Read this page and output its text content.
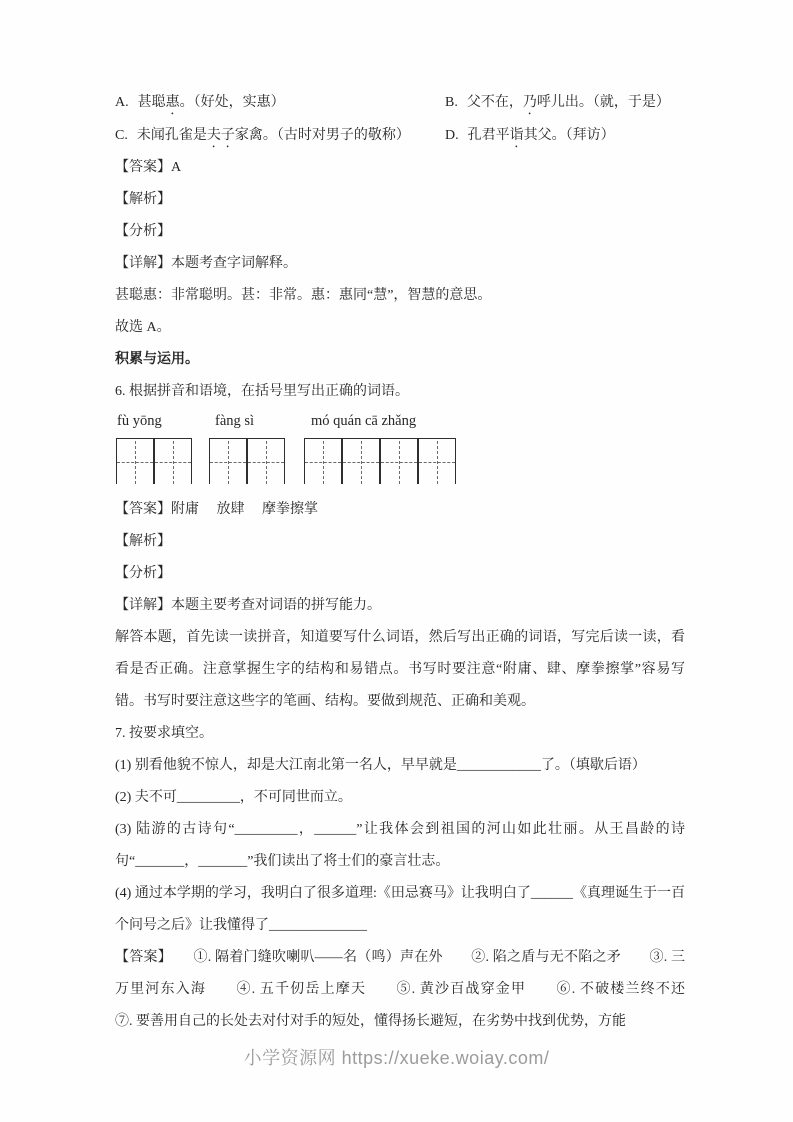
A. 甚聪惠。（好处，实惠）	B. 父不在，乃呼儿出。（就，于是）
C. 未闻孔雀是夫子家禽。（古时对男子的敬称）	D. 孔君平诣其父。（拜访）

【答案】A

【解析】

【分析】

【详解】本题考查字词解释。

甚聪惠：非常聪明。甚：非常。惠：惠同“慧”，智慧的意思。

故选 A。

积累与运用。

6. 根据拼音和语境，在括号里写出正确的词语。

fù yōng	fàng sì	mó quán cā zhǎng

【答案】附庸　 放肆　 摩拳擦掌

【解析】

【分析】

【详解】本题主要考查对词语的拼写能力。

解答本题，首先读一读拼音，知道要写什么词语，然后写出正确的词语，写完后读一读，看看是否正确。注意掌握生字的结构和易错点。书写时要注意“附庸、肆、摩拳擦掌”容易写错。书写时要注意这些字的笔画、结构。要做到规范、正确和美观。

7. 按要求填空。

(1) 别看他貌不惊人，却是大江南北第一名人，早早就是____________了。（填歇后语）

(2) 夫不可_________，不可同世而立。

(3) 陆游的古诗句“_________，______”让我体会到祖国的河山如此壮丽。从王昌龄的诗句“_______，_______”我们读出了将士们的豪言壮志。

(4) 通过本学期的学习，我明白了很多道理:《田忌赛马》让我明白了______《真理诞生于一百个问号之后》让我懂得了______________

【答案】　　①. 隔着门缝吹喇叭——名（鸣）声在外　　②. 陷之盾与无不陷之矛　　③. 三万里河东入海　　④. 五千仞岳上摩天　　⑤. 黄沙百战穿金甲　　⑥. 不破楼兰终不还　　⑦. 要善用自己的长处去对付对手的短处，懂得扬长避短，在劣势中找到优势，方能

小学资源网 https://xueke.woiay.com/
